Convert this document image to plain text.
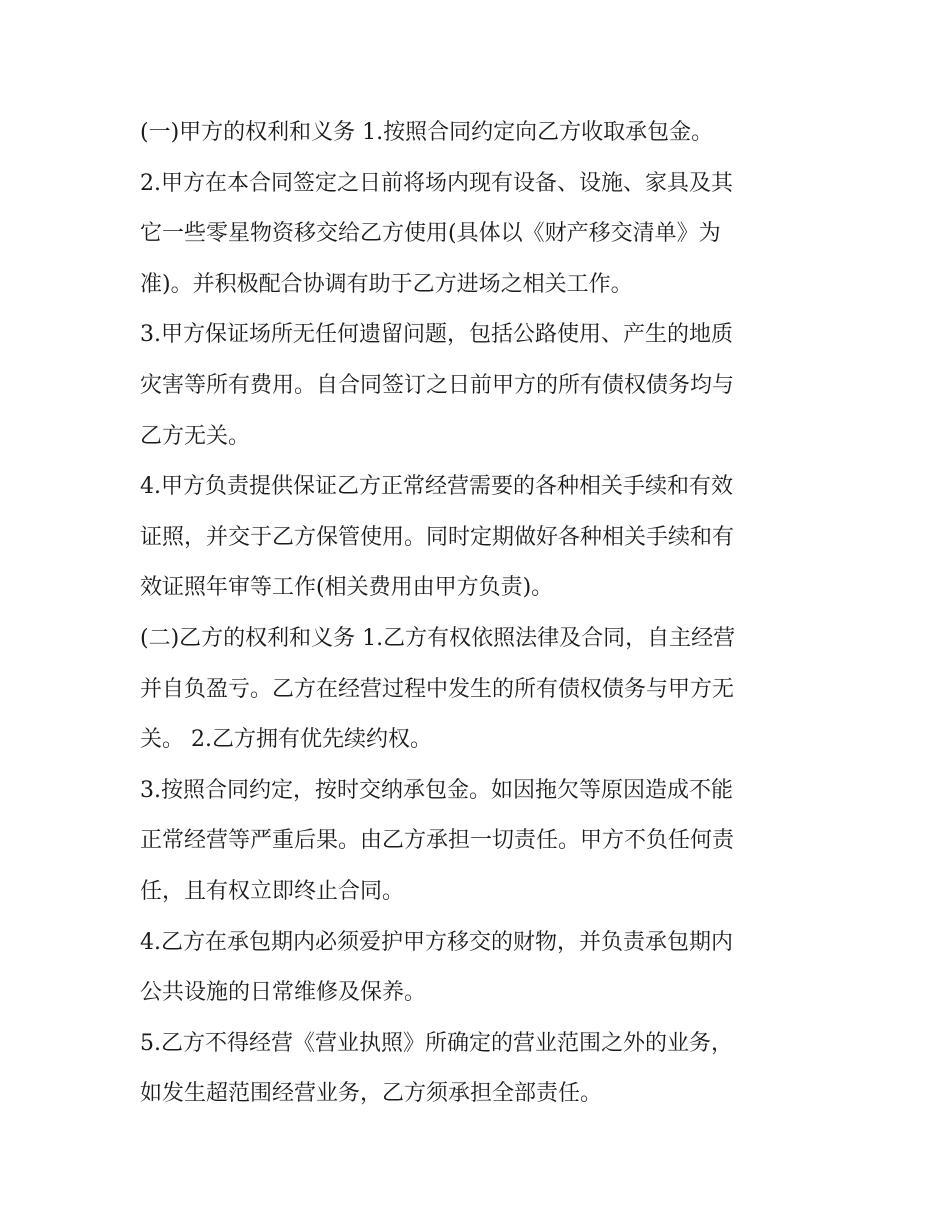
(一)甲方的权利和义务 1.按照合同约定向乙方收取承包金。
2.甲方在本合同签定之日前将场内现有设备、设施、家具及其
它一些零星物资移交给乙方使用(具体以《财产移交清单》为
准)。并积极配合协调有助于乙方进场之相关工作。
3.甲方保证场所无任何遗留问题，包括公路使用、产生的地质
灾害等所有费用。自合同签订之日前甲方的所有债权债务均与
乙方无关。
4.甲方负责提供保证乙方正常经营需要的各种相关手续和有效
证照，并交于乙方保管使用。同时定期做好各种相关手续和有
效证照年审等工作(相关费用由甲方负责)。
(二)乙方的权利和义务 1.乙方有权依照法律及合同，自主经营
并自负盈亏。乙方在经营过程中发生的所有债权债务与甲方无
关。 2.乙方拥有优先续约权。
3.按照合同约定，按时交纳承包金。如因拖欠等原因造成不能
正常经营等严重后果。由乙方承担一切责任。甲方不负任何责
任，且有权立即终止合同。
4.乙方在承包期内必须爱护甲方移交的财物，并负责承包期内
公共设施的日常维修及保养。
5.乙方不得经营《营业执照》所确定的营业范围之外的业务，
如发生超范围经营业务，乙方须承担全部责任。
